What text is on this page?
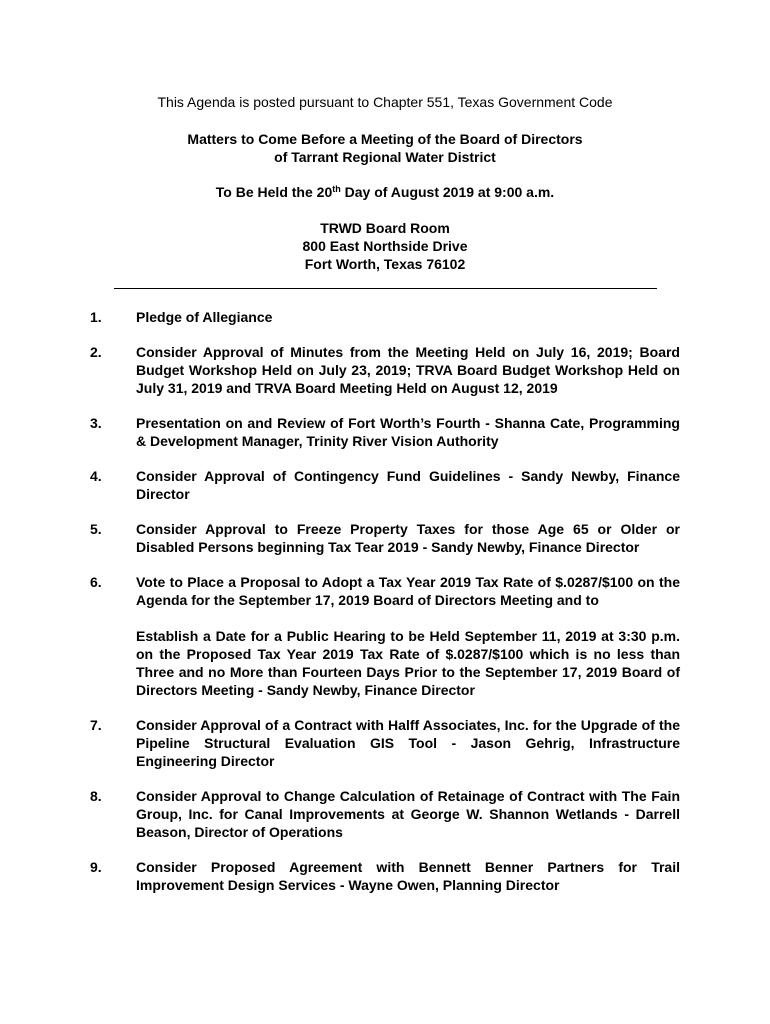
This Agenda is posted pursuant to Chapter 551, Texas Government Code
Matters to Come Before a Meeting of the Board of Directors
of Tarrant Regional Water District
To Be Held the 20th Day of August 2019 at 9:00 a.m.
TRWD Board Room
800 East Northside Drive
Fort Worth, Texas 76102
1. Pledge of Allegiance
2. Consider Approval of Minutes from the Meeting Held on July 16, 2019; Board Budget Workshop Held on July 23, 2019; TRVA Board Budget Workshop Held on July 31, 2019 and TRVA Board Meeting Held on August 12, 2019
3. Presentation on and Review of Fort Worth’s Fourth - Shanna Cate, Programming & Development Manager, Trinity River Vision Authority
4. Consider Approval of Contingency Fund Guidelines - Sandy Newby, Finance Director
5. Consider Approval to Freeze Property Taxes for those Age 65 or Older or Disabled Persons beginning Tax Tear 2019 - Sandy Newby, Finance Director
6. Vote to Place a Proposal to Adopt a Tax Year 2019 Tax Rate of $.0287/$100 on the Agenda for the September 17, 2019 Board of Directors Meeting and to
Establish a Date for a Public Hearing to be Held September 11, 2019 at 3:30 p.m. on the Proposed Tax Year 2019 Tax Rate of $.0287/$100 which is no less than Three and no More than Fourteen Days Prior to the September 17, 2019 Board of Directors Meeting - Sandy Newby, Finance Director
7. Consider Approval of a Contract with Halff Associates, Inc. for the Upgrade of the Pipeline Structural Evaluation GIS Tool - Jason Gehrig, Infrastructure Engineering Director
8. Consider Approval to Change Calculation of Retainage of Contract with The Fain Group, Inc. for Canal Improvements at George W. Shannon Wetlands - Darrell Beason, Director of Operations
9. Consider Proposed Agreement with Bennett Benner Partners for Trail Improvement Design Services - Wayne Owen, Planning Director
